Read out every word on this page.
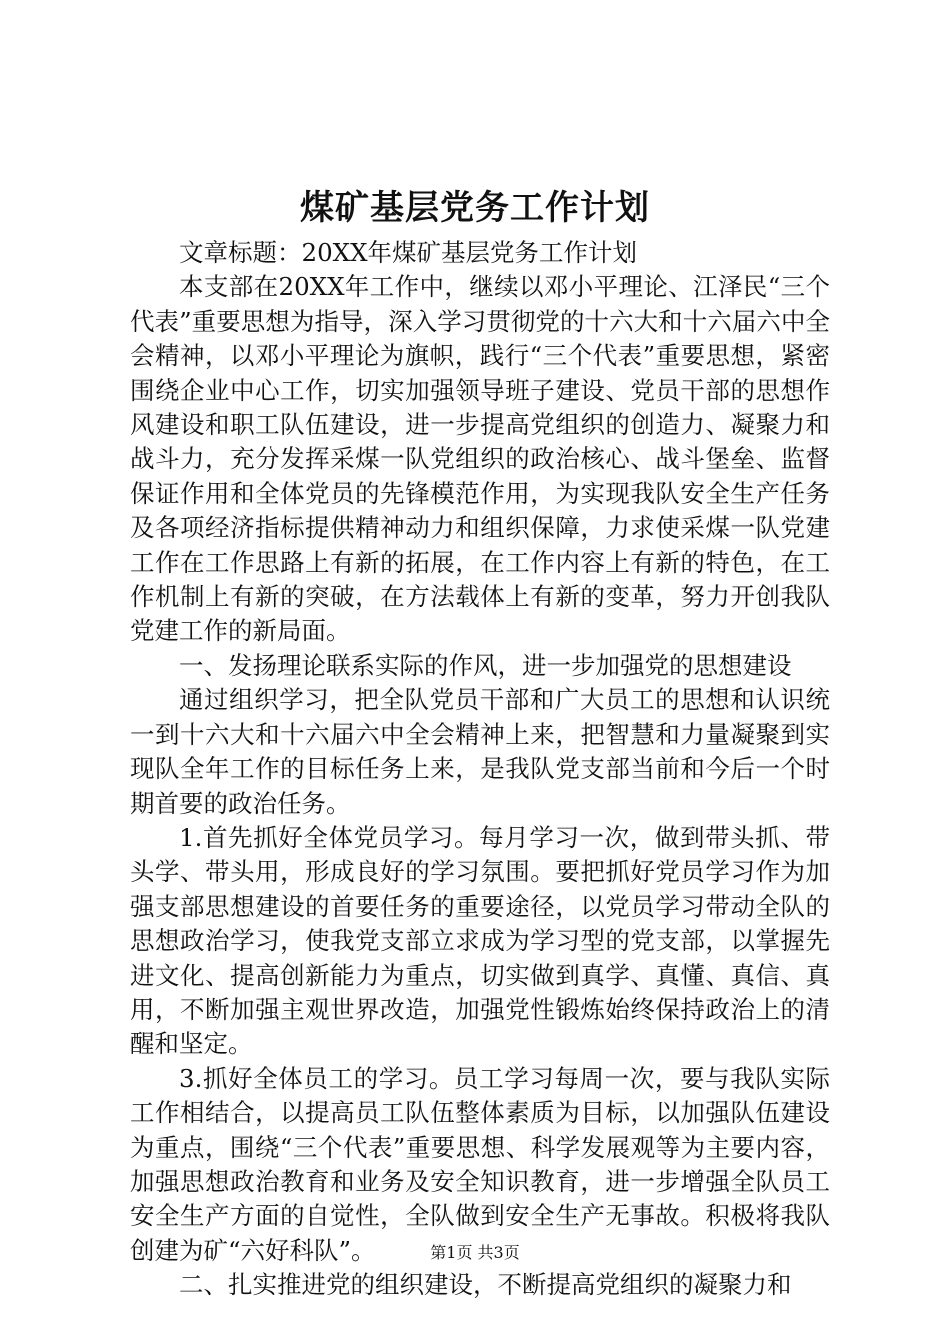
煤矿基层党务工作计划

文章标题：20XX年煤矿基层党务工作计划

本支部在20XX年工作中，继续以邓小平理论、江泽民“三个代表”重要思想为指导，深入学习贯彻党的十六大和十六届六中全会精神，以邓小平理论为旗帜，践行“三个代表”重要思想，紧密围绕企业中心工作，切实加强领导班子建设、党员干部的思想作风建设和职工队伍建设，进一步提高党组织的创造力、凝聚力和战斗力，充分发挥采煤一队党组织的政治核心、战斗堡垒、监督保证作用和全体党员的先锋模范作用，为实现我队安全生产任务及各项经济指标提供精神动力和组织保障，力求使采煤一队党建工作在工作思路上有新的拓展，在工作内容上有新的特色，在工作机制上有新的突破，在方法载体上有新的变革，努力开创我队党建工作的新局面。

一、发扬理论联系实际的作风，进一步加强党的思想建设

通过组织学习，把全队党员干部和广大员工的思想和认识统一到十六大和十六届六中全会精神上来，把智慧和力量凝聚到实现队全年工作的目标任务上来，是我队党支部当前和今后一个时期首要的政治任务。

1.首先抓好全体党员学习。每月学习一次，做到带头抓、带头学、带头用，形成良好的学习氛围。要把抓好党员学习作为加强支部思想建设的首要任务的重要途径，以党员学习带动全队的思想政治学习，使我党支部立求成为学习型的党支部，以掌握先进文化、提高创新能力为重点，切实做到真学、真懂、真信、真用，不断加强主观世界改造，加强党性锻炼始终保持政治上的清醒和坚定。

3.抓好全体员工的学习。员工学习每周一次，要与我队实际工作相结合，以提高员工队伍整体素质为目标，以加强队伍建设为重点，围绕“三个代表”重要思想、科学发展观等为主要内容，加强思想政治教育和业务及安全知识教育，进一步增强全队员工安全生产方面的自觉性，全队做到安全生产无事故。积极将我队创建为矿“六好科队”。

二、扎实推进党的组织建设，不断提高党组织的凝聚力和

第1页 共3页
